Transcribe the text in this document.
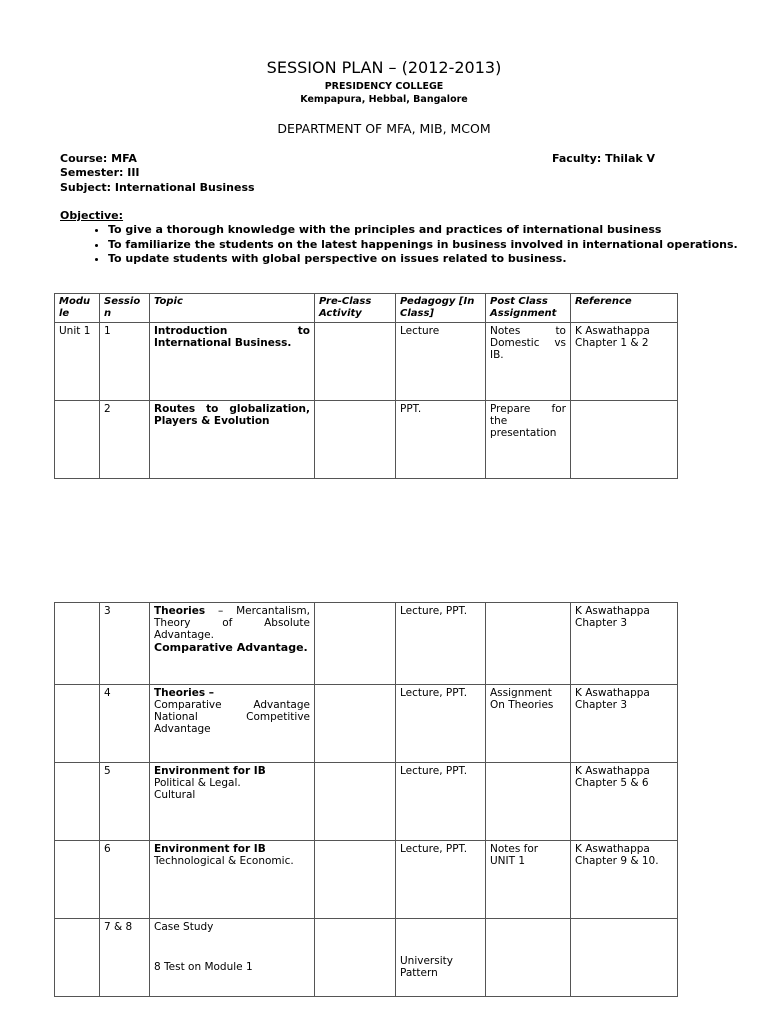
SESSION PLAN – (2012-2013)
PRESIDENCY COLLEGE
Kempapura, Hebbal, Bangalore
DEPARTMENT OF MFA, MIB, MCOM
Course: MFA
Semester: III
Subject: International Business
Faculty: Thilak V
Objective:
• To give a thorough knowledge with the principles and practices of international business
• To familiarize the students on the latest happenings in business involved in international operations.
• To update students with global perspective on issues related to business.
Modu le	Sessio n	Topic	Pre-Class Activity	Pedagogy [In Class]	Post Class Assignment	Reference
Unit 1	1	Introduction to International Business.		Lecture	Notes to Domestic vs IB.	K Aswathappa Chapter 1 & 2
	2	Routes to globalization, Players & Evolution		PPT.	Prepare for the presentation	
	3	Theories – Mercantalism, Theory of Absolute Advantage.
Comparative Advantage.		Lecture, PPT.		K Aswathappa Chapter 3
	4	Theories –
Comparative Advantage National Competitive Advantage		Lecture, PPT.	Assignment On Theories	K Aswathappa Chapter 3
	5	Environment for IB
Political & Legal.
Cultural		Lecture, PPT.		K Aswathappa Chapter 5 & 6
	6	Environment for IB
Technological & Economic.		Lecture, PPT.	Notes for UNIT 1	K Aswathappa Chapter 9 & 10.
	7 & 8	Case Study
8 Test on Module 1		University Pattern		
